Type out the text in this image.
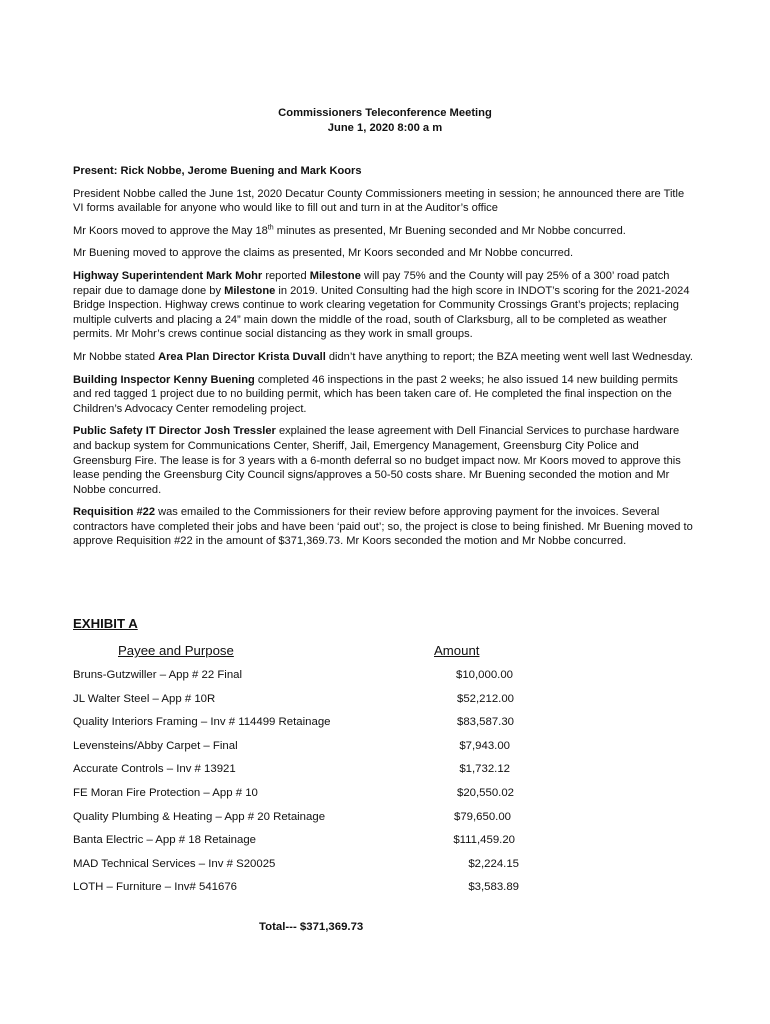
Commissioners Teleconference Meeting
June 1, 2020 8:00 a m

Present: Rick Nobbe, Jerome Buening and Mark Koors

President Nobbe called the June 1st, 2020 Decatur County Commissioners meeting in session; he announced there are Title VI forms available for anyone who would like to fill out and turn in at the Auditor’s office

Mr Koors moved to approve the May 18th minutes as presented, Mr Buening seconded and Mr Nobbe concurred.

Mr Buening moved to approve the claims as presented, Mr Koors seconded and Mr Nobbe concurred.

Highway Superintendent Mark Mohr reported Milestone will pay 75% and the County will pay 25% of a 300’ road patch repair due to damage done by Milestone in 2019. United Consulting had the high score in INDOT’s scoring for the 2021-2024 Bridge Inspection. Highway crews continue to work clearing vegetation for Community Crossings Grant’s projects; replacing multiple culverts and placing a 24” main down the middle of the road, south of Clarksburg, all to be completed as weather permits. Mr Mohr’s crews continue social distancing as they work in small groups.

Mr Nobbe stated Area Plan Director Krista Duvall didn’t have anything to report; the BZA meeting went well last Wednesday.

Building Inspector Kenny Buening completed 46 inspections in the past 2 weeks; he also issued 14 new building permits and red tagged 1 project due to no building permit, which has been taken care of. He completed the final inspection on the Children’s Advocacy Center remodeling project.

Public Safety IT Director Josh Tressler explained the lease agreement with Dell Financial Services to purchase hardware and backup system for Communications Center, Sheriff, Jail, Emergency Management, Greensburg City Police and Greensburg Fire. The lease is for 3 years with a 6-month deferral so no budget impact now. Mr Koors moved to approve this lease pending the Greensburg City Council signs/approves a 50-50 costs share. Mr Buening seconded the motion and Mr Nobbe concurred.

Requisition #22 was emailed to the Commissioners for their review before approving payment for the invoices. Several contractors have completed their jobs and have been ‘paid out’; so, the project is close to being finished. Mr Buening moved to approve Requisition #22 in the amount of $371,369.73. Mr Koors seconded the motion and Mr Nobbe concurred.

EXHIBIT A
Payee and Purpose	Amount
Bruns-Gutzwiller – App # 22 Final	$10,000.00
JL Walter Steel – App # 10R	$52,212.00
Quality Interiors Framing – Inv # 114499 Retainage	$83,587.30
Levensteins/Abby Carpet – Final	$7,943.00
Accurate Controls – Inv # 13921	$1,732.12
FE Moran Fire Protection – App # 10	$20,550.02
Quality Plumbing & Heating – App # 20 Retainage	$79,650.00
Banta Electric – App # 18 Retainage	$111,459.20
MAD Technical Services – Inv # S20025	$2,224.15
LOTH – Furniture – Inv# 541676	$3,583.89
Total--- $371,369.73
